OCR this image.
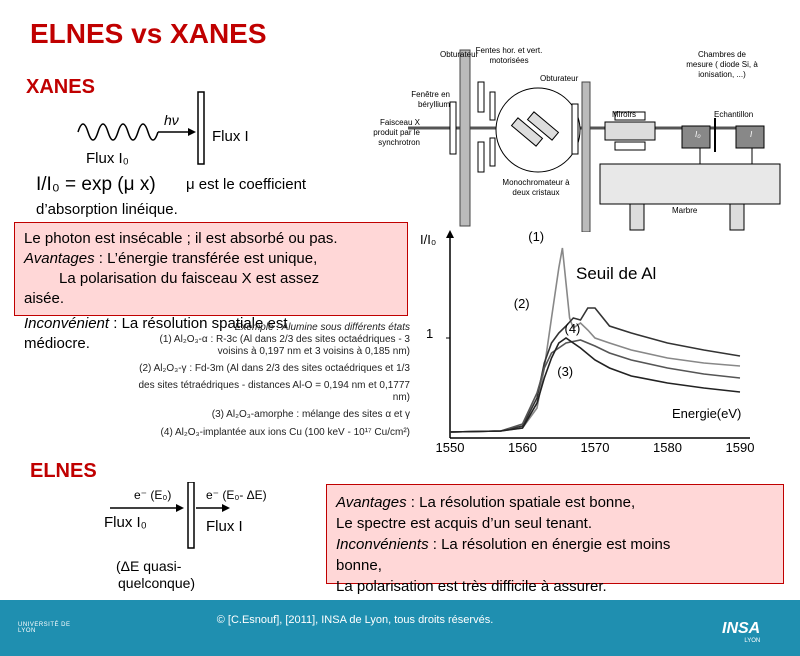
ELNES vs XANES
XANES
hν
Flux I
Flux I₀
I/I₀ = exp (μ x) μ est le coefficient
d’absorption linéique.
Le photon est insécable ; il est absorbé ou pas.
Avantages : L’énergie transférée est unique,
La polarisation du faisceau X est assez
aisée.
Inconvénient : La résolution spatiale est
médiocre.
Exemple : Alumine sous différents états
(1) Al₂O₃-α : R-3c (Al dans 2/3 des sites octaédriques - 3
voisins à 0,197 nm et 3 voisins à 0,185 nm)
(2) Al₂O₃-γ : Fd-3m (Al dans 2/3 des sites octaédriques et 1/3
des sites tétraédriques - distances Al-O = 0,194 nm et 0,1777
nm)
(3) Al₂O₃-amorphe : mélange des sites α et γ
(4) Al₂O₃-implantée aux ions Cu (100 keV - 10¹⁷ Cu/cm²)
Obturateur
Fentes hor. et vert. motorisées
Obturateur
Chambres de mesure ( diode Si, à ionisation, ...)
Fenêtre en béryllium
Faisceau X produit par le synchrotron
Miroirs	Echantillon
I₀	I
Monochromateur à deux cristaux
Marbre
(1)
(2)
(4)
(3)
1550	1560	1570	1580	1590
I/I₀
Seuil de Al
Energie(eV)
1
ELNES
e⁻ (E₀)	e⁻ (E₀- ΔE)
Flux I₀	Flux I
(ΔE quasi-
quelconque)
Avantages : La résolution spatiale est bonne,
Le spectre est acquis d’un seul tenant.
Inconvénients : La résolution en énergie est moins
bonne,
La polarisation est très difficile à assurer.
UNIVERSITÉ DE LYON
© [C.Esnouf], [2011], INSA de Lyon, tous droits réservés.	INSA
LYON
